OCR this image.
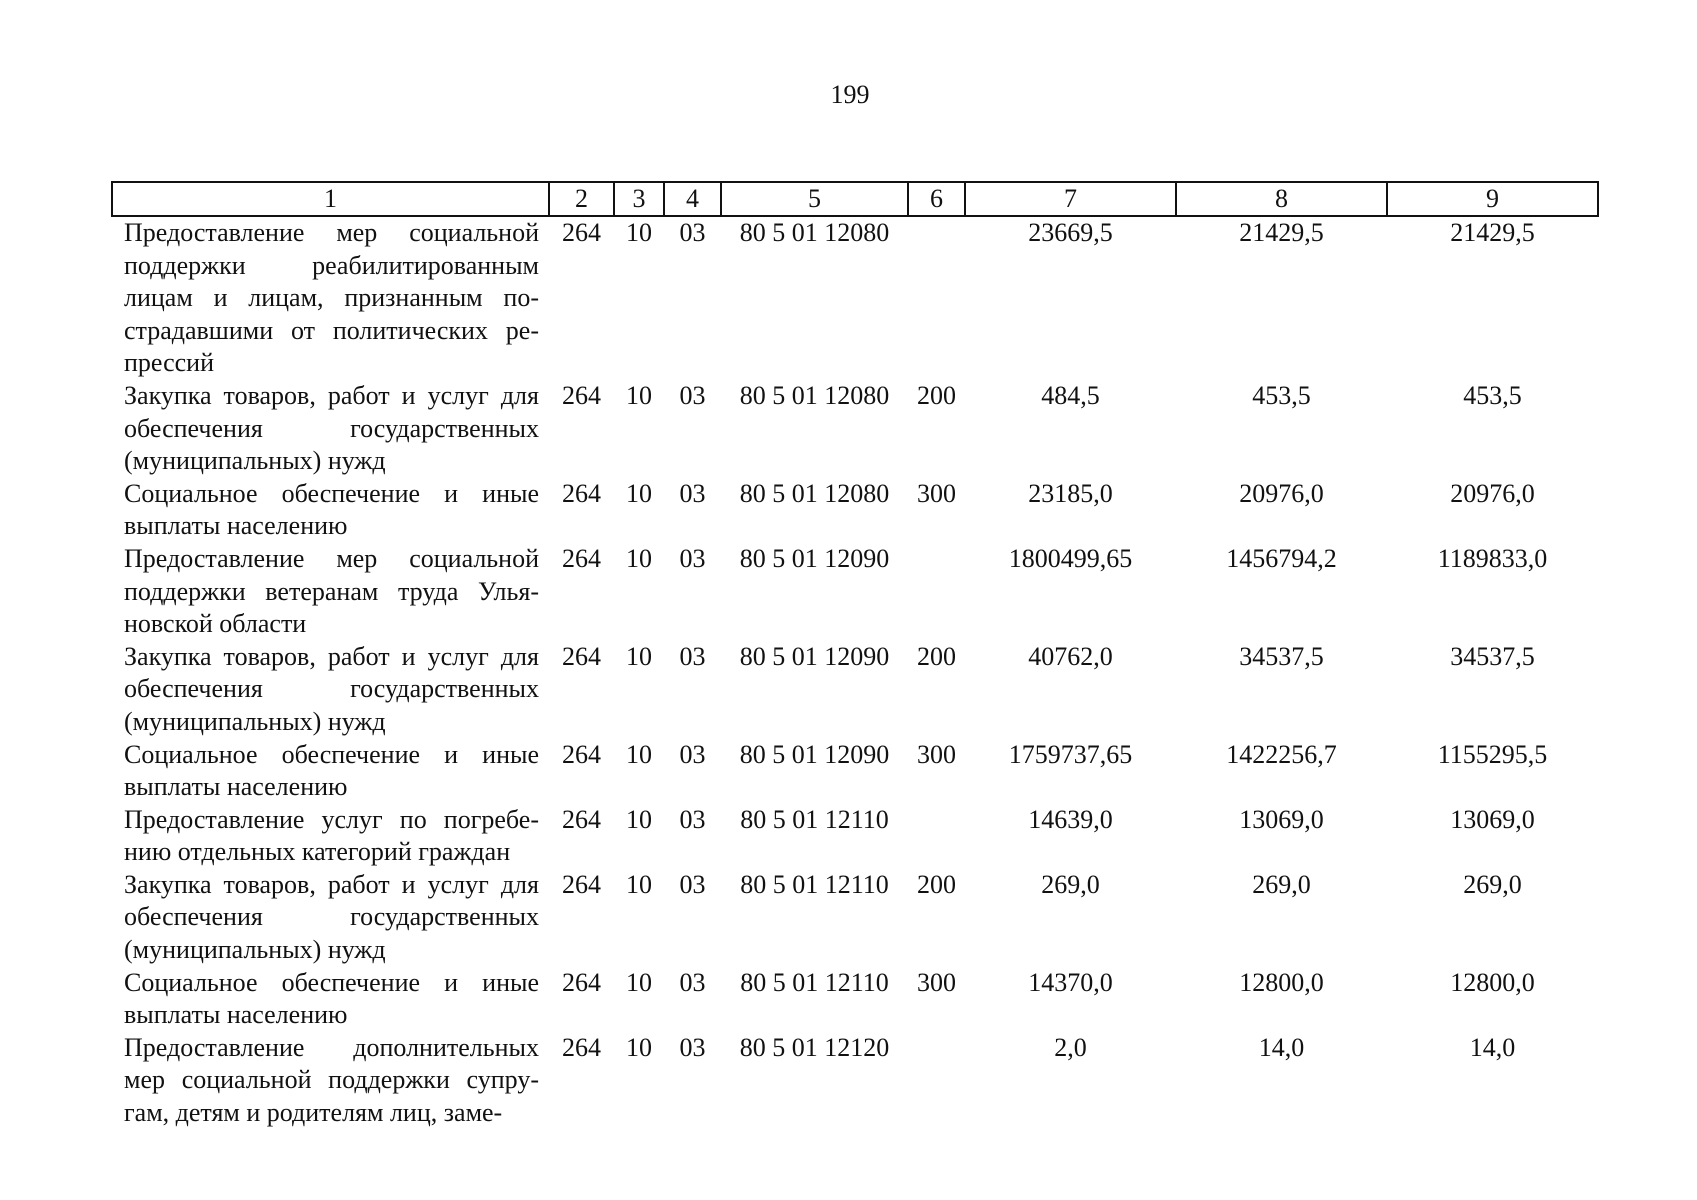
199
1	2	3	4	5	6	7	8	9
Предоставление мер социальной поддержки реабилитированным лицам и лицам, признанным пострадавшими от политических репрессий	264	10	03	80 5 01 12080		23669,5	21429,5	21429,5
Закупка товаров, работ и услуг для обеспечения государственных (муниципальных) нужд	264	10	03	80 5 01 12080	200	484,5	453,5	453,5
Социальное обеспечение и иные выплаты населению	264	10	03	80 5 01 12080	300	23185,0	20976,0	20976,0
Предоставление мер социальной поддержки ветеранам труда Ульяновской области	264	10	03	80 5 01 12090		1800499,65	1456794,2	1189833,0
Закупка товаров, работ и услуг для обеспечения государственных (муниципальных) нужд	264	10	03	80 5 01 12090	200	40762,0	34537,5	34537,5
Социальное обеспечение и иные выплаты населению	264	10	03	80 5 01 12090	300	1759737,65	1422256,7	1155295,5
Предоставление услуг по погребению отдельных категорий граждан	264	10	03	80 5 01 12110		14639,0	13069,0	13069,0
Закупка товаров, работ и услуг для обеспечения государственных (муниципальных) нужд	264	10	03	80 5 01 12110	200	269,0	269,0	269,0
Социальное обеспечение и иные выплаты населению	264	10	03	80 5 01 12110	300	14370,0	12800,0	12800,0
Предоставление дополнительных мер социальной поддержки супругам, детям и родителям лиц, заме-	264	10	03	80 5 01 12120		2,0	14,0	14,0
